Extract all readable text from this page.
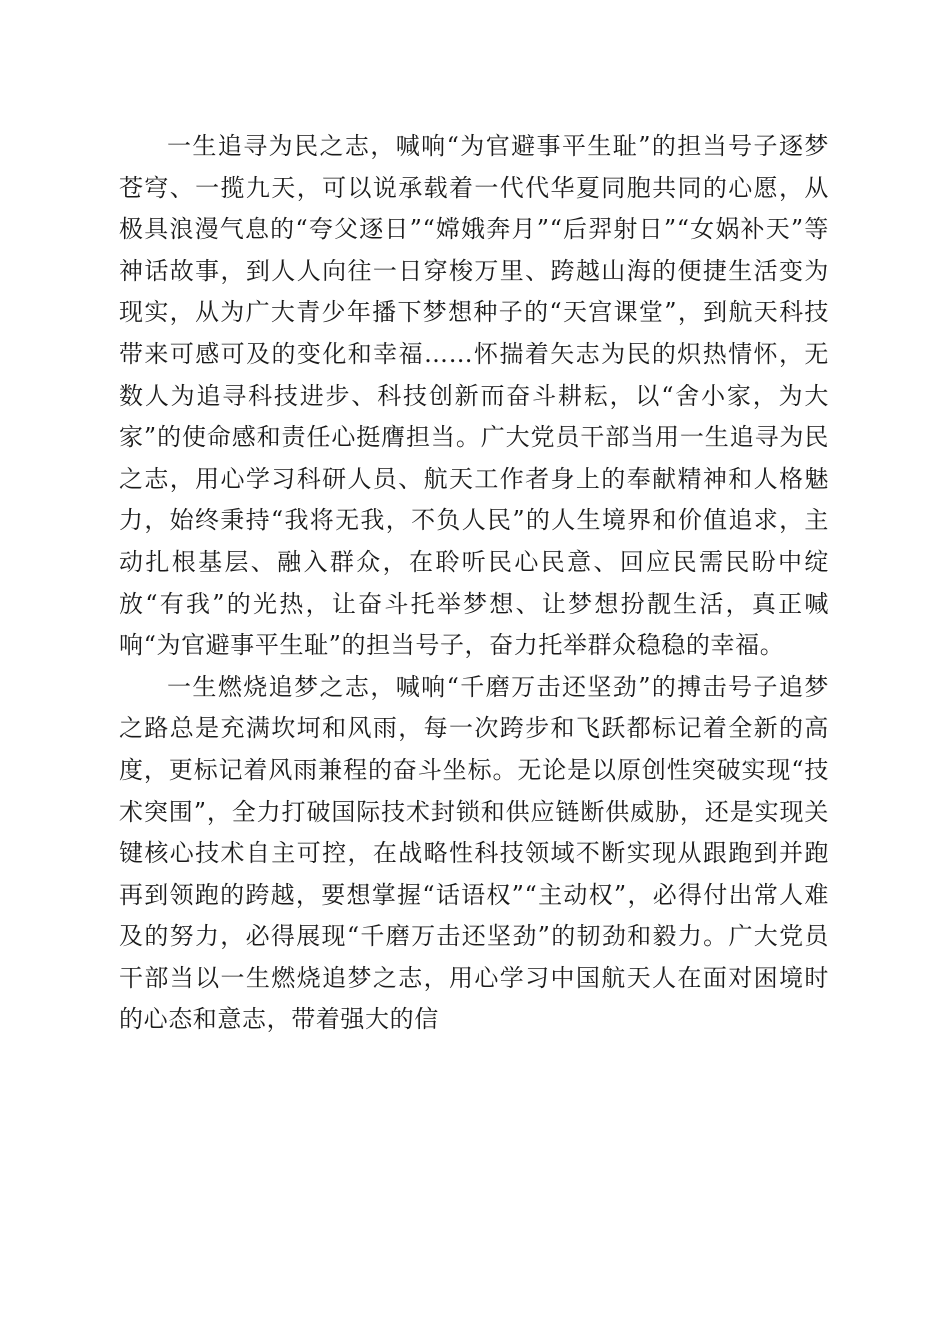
一生追寻为民之志，喊响“为官避事平生耻”的担当号子逐梦苍穹、一揽九天，可以说承载着一代代华夏同胞共同的心愿，从极具浪漫气息的“夸父逐日”“嫦娥奔月”“后羿射日”“女娲补天”等神话故事，到人人向往一日穿梭万里、跨越山海的便捷生活变为现实，从为广大青少年播下梦想种子的“天宫课堂”，到航天科技带来可感可及的变化和幸福……怀揣着矢志为民的炽热情怀，无数人为追寻科技进步、科技创新而奋斗耕耘，以“舍小家，为大家”的使命感和责任心挺膺担当。广大党员干部当用一生追寻为民之志，用心学习科研人员、航天工作者身上的奉献精神和人格魅力，始终秉持“我将无我，不负人民”的人生境界和价值追求，主动扎根基层、融入群众，在聆听民心民意、回应民需民盼中绽放“有我”的光热，让奋斗托举梦想、让梦想扮靓生活，真正喊响“为官避事平生耻”的担当号子，奋力托举群众稳稳的幸福。

一生燃烧追梦之志，喊响“千磨万击还坚劲”的搏击号子追梦之路总是充满坎坷和风雨，每一次跨步和飞跃都标记着全新的高度，更标记着风雨兼程的奋斗坐标。无论是以原创性突破实现“技术突围”，全力打破国际技术封锁和供应链断供威胁，还是实现关键核心技术自主可控，在战略性科技领域不断实现从跟跑到并跑再到领跑的跨越，要想掌握“话语权”“主动权”，必得付出常人难及的努力，必得展现“千磨万击还坚劲”的韧劲和毅力。广大党员干部当以一生燃烧追梦之志，用心学习中国航天人在面对困境时的心态和意志，带着强大的信
